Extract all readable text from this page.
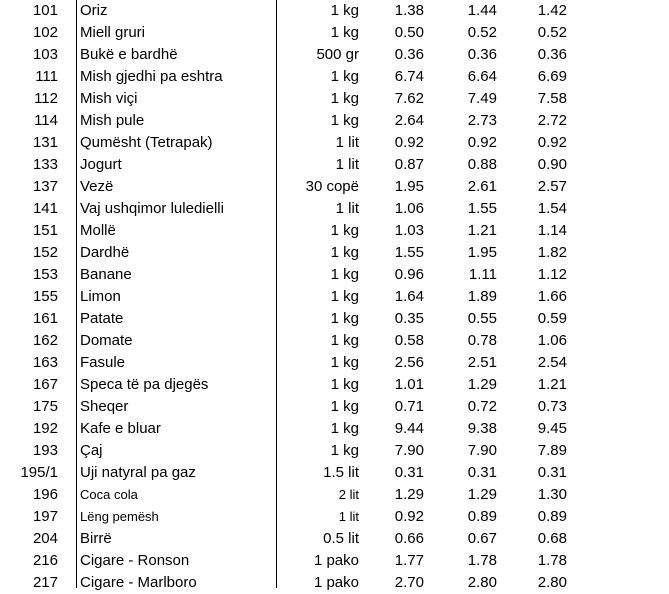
101 Oriz	1 kg 1.38	1.44	1.42
102 Miell gruri	1 kg 0.50	0.52	0.52
103 Bukë e bardhë	500 gr 0.36	0.36	0.36
111 Mish gjedhi pa eshtra	1 kg 6.74	6.64	6.69
112 Mish viçi	1 kg 7.62	7.49	7.58
114 Mish pule	1 kg 2.64	2.73	2.72
131 Qumësht (Tetrapak)	1 lit 0.92	0.92	0.92
133 Jogurt	1 lit 0.87	0.88	0.90
137 Vezë	30 copë 1.95	2.61	2.57
141 Vaj ushqimor luledielli	1 lit 1.06	1.55	1.54
151 Mollë	1 kg 1.03	1.21	1.14
152 Dardhë	1 kg 1.55	1.95	1.82
153 Banane	1 kg 0.96	1.11	1.12
155 Limon	1 kg 1.64	1.89	1.66
161 Patate	1 kg 0.35	0.55	0.59
162 Domate	1 kg 0.58	0.78	1.06
163 Fasule	1 kg 2.56	2.51	2.54
167 Speca të pa djegës	1 kg 1.01	1.29	1.21
175 Sheqer	1 kg 0.71	0.72	0.73
192 Kafe e bluar	1 kg 9.44	9.38	9.45
193 Çaj	1 kg 7.90	7.90	7.89
195/1 Uji natyral pa gaz	1.5 lit 0.31	0.31	0.31
196 Coca cola	2 lit 1.29	1.29	1.30
197 Lëng pemësh	1 lit 0.92	0.89	0.89
204 Birrë	0.5 lit 0.66	0.67	0.68
216 Cigare - Ronson	1 pako 1.77	1.78	1.78
217 Cigare - Marlboro	1 pako 2.70	2.80	2.80
